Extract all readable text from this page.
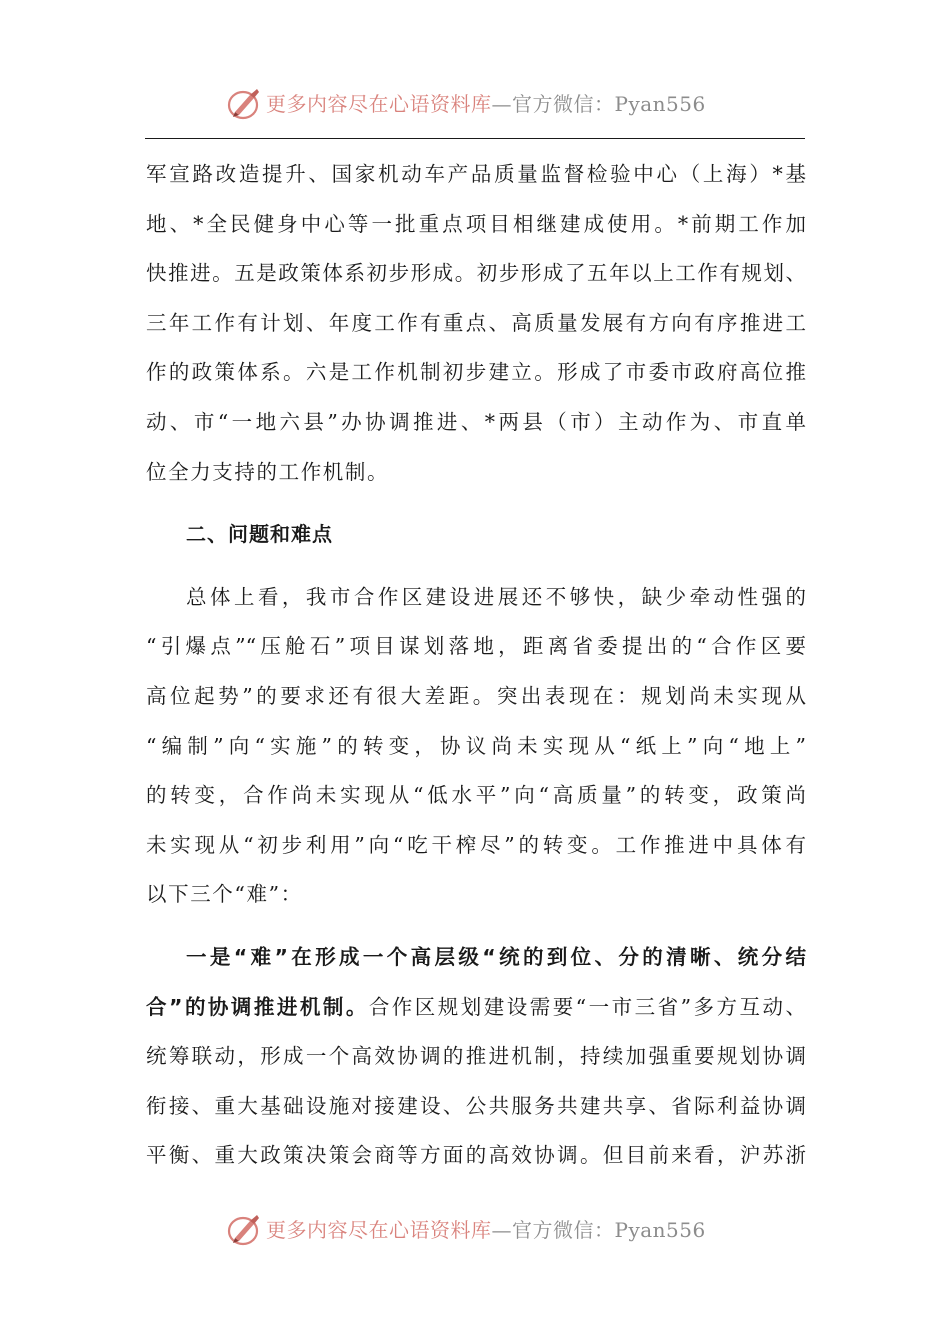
更多内容尽在心语资料库—官方微信：Pyan556
军宣路改造提升、国家机动车产品质量监督检验中心（上海）*基
地、*全民健身中心等一批重点项目相继建成使用。*前期工作加
快推进。五是政策体系初步形成。初步形成了五年以上工作有规划、
三年工作有计划、年度工作有重点、高质量发展有方向有序推进工
作的政策体系。六是工作机制初步建立。形成了市委市政府高位推
动、市“一地六县”办协调推进、*两县（市）主动作为、市直单
位全力支持的工作机制。
二、问题和难点
总体上看，我市合作区建设进展还不够快，缺少牵动性强的
“引爆点”“压舱石”项目谋划落地，距离省委提出的“合作区要
高位起势”的要求还有很大差距。突出表现在：规划尚未实现从
“编制”向“实施”的转变，协议尚未实现从“纸上”向“地上”
的转变，合作尚未实现从“低水平”向“高质量”的转变，政策尚
未实现从“初步利用”向“吃干榨尽”的转变。工作推进中具体有
以下三个“难”：
一是“难”在形成一个高层级“统的到位、分的清晰、统分结
合”的协调推进机制。合作区规划建设需要“一市三省”多方互动、
统筹联动，形成一个高效协调的推进机制，持续加强重要规划协调
衔接、重大基础设施对接建设、公共服务共建共享、省际利益协调
平衡、重大政策决策会商等方面的高效协调。但目前来看，沪苏浙
更多内容尽在心语资料库—官方微信：Pyan556
